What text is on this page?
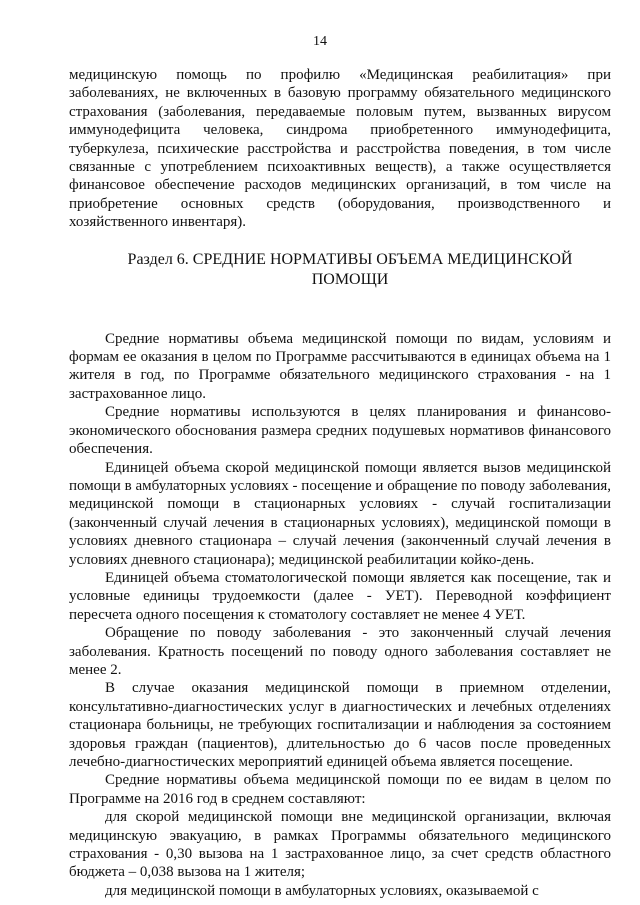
14

медицинскую помощь по профилю «Медицинская реабилитация» при заболеваниях, не включенных в базовую программу обязательного медицинского страхования (заболевания, передаваемые половым путем, вызванных вирусом иммунодефицита человека, синдрома приобретенного иммунодефицита, туберкулеза, психические расстройства и расстройства поведения, в том числе связанные с употреблением психоактивных веществ), а также осуществляется финансовое обеспечение расходов медицинских организаций, в том числе на приобретение основных средств (оборудования, производственного и хозяйственного инвентаря).

Раздел 6. СРЕДНИЕ НОРМАТИВЫ ОБЪЕМА МЕДИЦИНСКОЙ ПОМОЩИ

Средние нормативы объема медицинской помощи по видам, условиям и формам ее оказания в целом по Программе рассчитываются в единицах объема на 1 жителя в год, по Программе обязательного медицинского страхования - на 1 застрахованное лицо.

Средние нормативы используются в целях планирования и финансово-экономического обоснования размера средних подушевых нормативов финансового обеспечения.

Единицей объема скорой медицинской помощи является вызов медицинской помощи в амбулаторных условиях - посещение и обращение по поводу заболевания, медицинской помощи в стационарных условиях - случай госпитализации (законченный случай лечения в стационарных условиях), медицинской помощи в условиях дневного стационара – случай лечения (законченный случай лечения в условиях дневного стационара); медицинской реабилитации койко-день.

Единицей объема стоматологической помощи является как посещение, так и условные единицы трудоемкости (далее - УЕТ). Переводной коэффициент пересчета одного посещения к стоматологу составляет не менее 4 УЕТ.

Обращение по поводу заболевания - это законченный случай лечения заболевания. Кратность посещений по поводу одного заболевания составляет не менее 2.

В случае оказания медицинской помощи в приемном отделении, консультативно-диагностических услуг в диагностических и лечебных отделениях стационара больницы, не требующих госпитализации и наблюдения за состоянием здоровья граждан (пациентов), длительностью до 6 часов после проведенных лечебно-диагностических мероприятий единицей объема является посещение.

Средние нормативы объема медицинской помощи по ее видам в целом по Программе на 2016 год в среднем составляют:

для скорой медицинской помощи вне медицинской организации, включая медицинскую эвакуацию, в рамках Программы обязательного медицинского страхования - 0,30 вызова на 1 застрахованное лицо, за счет средств областного бюджета – 0,038 вызова на 1 жителя;

для медицинской помощи в амбулаторных условиях, оказываемой с
